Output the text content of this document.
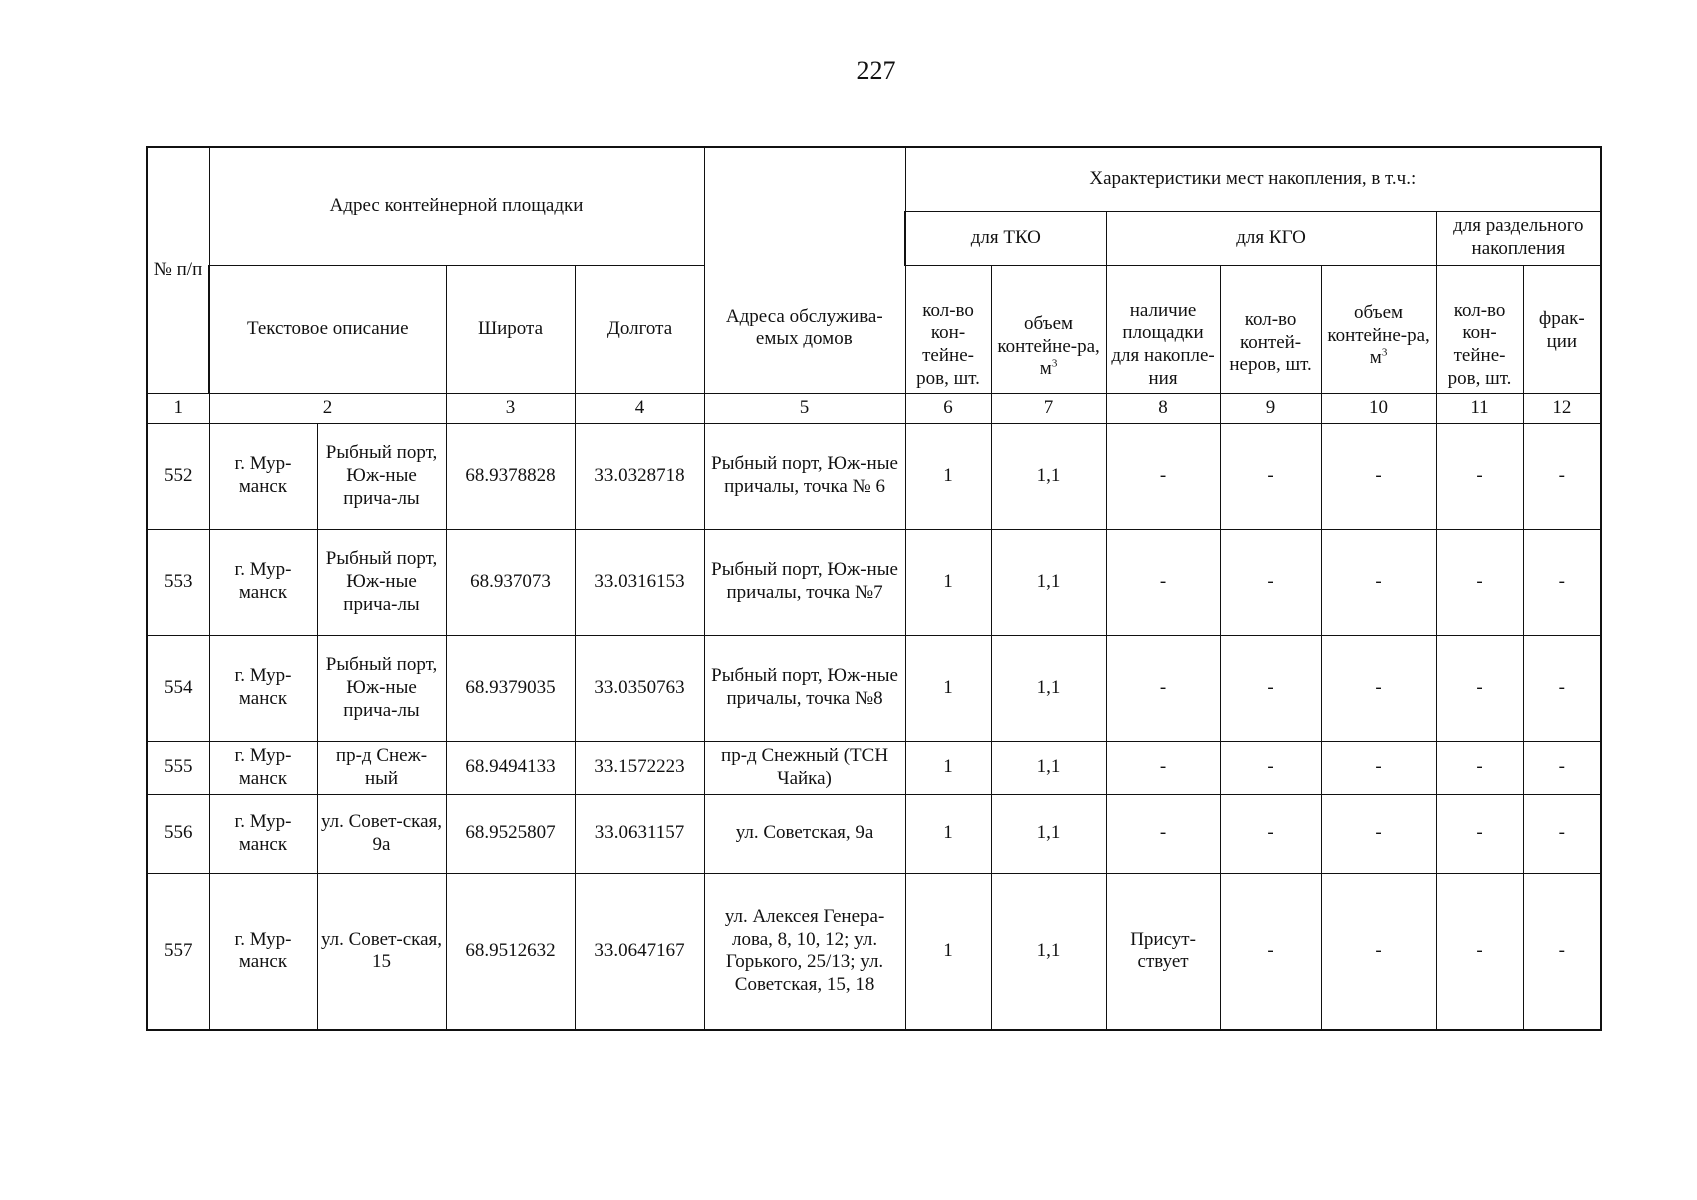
227
№ п/п	Адрес контейнерной площадки				Адреса обслужива-емых домов	Характеристики мест накопления, в т.ч.:						
						для ТКО		для КГО			для раздельного накопления	
	Текстовое описание		Широта	Долгота		кол-во кон-тейне-ров, шт.	объем контейне-ра, $м^3$	наличие площадки для накопле-ния	кол-во контей-неров, шт.	объем контейне-ра, $м^3$	кол-во кон-тейне-ров, шт.	фрак-ции
1	2		3	4	5	6	7	8	9	10	11	12
552	г. Мур-манск	Рыбный порт, Юж-ные прича-лы	68.9378828	33.0328718	Рыбный порт, Юж-ные причалы, точка № 6	1	1,1	-	-	-	-	-
553	г. Мур-манск	Рыбный порт, Юж-ные прича-лы	68.937073	33.0316153	Рыбный порт, Юж-ные причалы, точка №7	1	1,1	-	-	-	-	-
554	г. Мур-манск	Рыбный порт, Юж-ные прича-лы	68.9379035	33.0350763	Рыбный порт, Юж-ные причалы, точка №8	1	1,1	-	-	-	-	-
555	г. Мур-манск	пр-д Снеж-ный	68.9494133	33.1572223	пр-д Снежный (ТСН Чайка)	1	1,1	-	-	-	-	-
556	г. Мур-манск	ул. Совет-ская, 9а	68.9525807	33.0631157	ул. Советская, 9а	1	1,1	-	-	-	-	-
557	г. Мур-манск	ул. Совет-ская, 15	68.9512632	33.0647167	ул. Алексея Генера-лова, 8, 10, 12; ул. Горького, 25/13; ул. Советская, 15, 18	1	1,1	Присут-ствует	-	-	-	-
